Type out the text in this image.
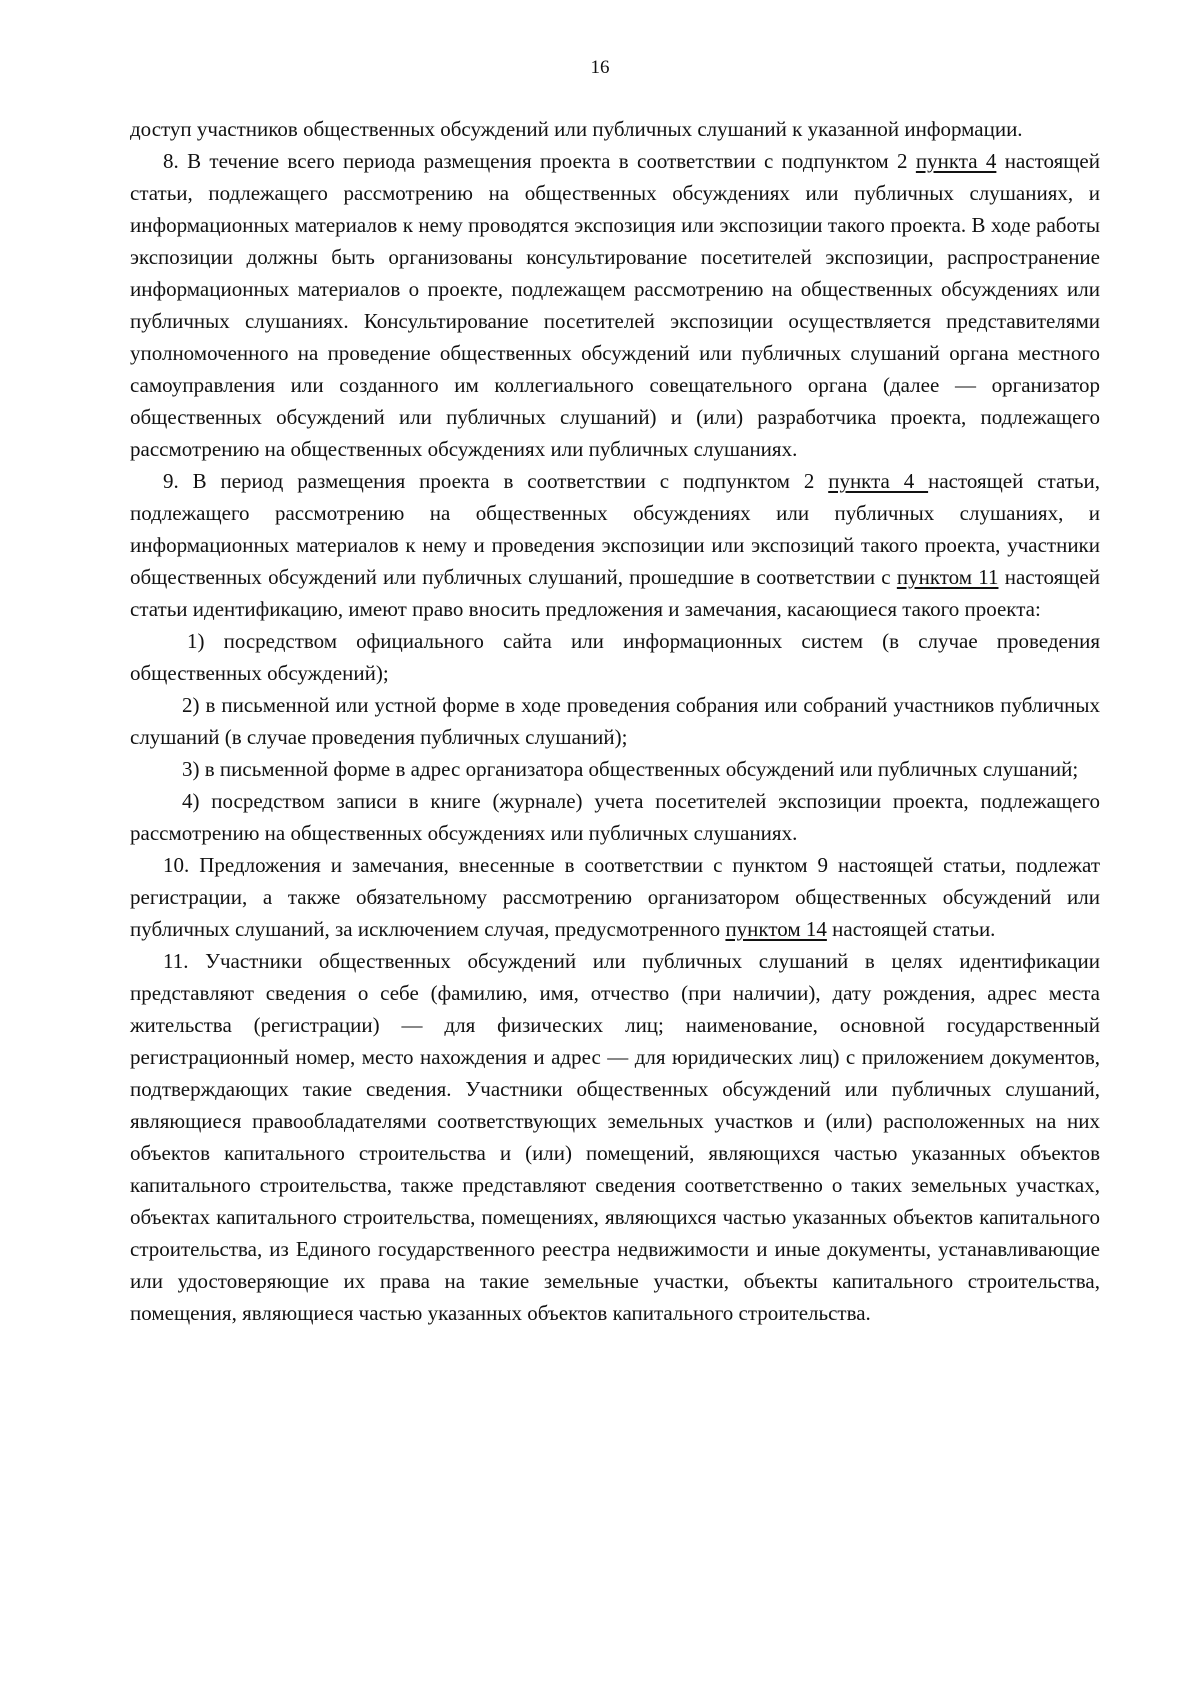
16

доступ участников общественных обсуждений или публичных слушаний к указанной информации.

8. В течение всего периода размещения проекта в соответствии с подпунктом 2 пункта 4 настоящей статьи, подлежащего рассмотрению на общественных обсуждениях или публичных слушаниях, и информационных материалов к нему проводятся экспозиция или экспозиции такого проекта. В ходе работы экспозиции должны быть организованы консультирование посетителей экспозиции, распространение информационных материалов о проекте, подлежащем рассмотрению на общественных обсуждениях или публичных слушаниях. Консультирование посетителей экспозиции осуществляется представителями уполномоченного на проведение общественных обсуждений или публичных слушаний органа местного самоуправления или созданного им коллегиального совещательного органа (далее — организатор общественных обсуждений или публичных слушаний) и (или) разработчика проекта, подлежащего рассмотрению на общественных обсуждениях или публичных слушаниях.

9. В период размещения проекта в соответствии с подпунктом 2 пункта 4 настоящей статьи, подлежащего рассмотрению на общественных обсуждениях или публичных слушаниях, и информационных материалов к нему и проведения экспозиции или экспозиций такого проекта, участники общественных обсуждений или публичных слушаний, прошедшие в соответствии с пунктом 11 настоящей статьи идентификацию, имеют право вносить предложения и замечания, касающиеся такого проекта:

1) посредством официального сайта или информационных систем (в случае проведения общественных обсуждений);

2) в письменной или устной форме в ходе проведения собрания или собраний участников публичных слушаний (в случае проведения публичных слушаний);

3) в письменной форме в адрес организатора общественных обсуждений или публичных слушаний;

4) посредством записи в книге (журнале) учета посетителей экспозиции проекта, подлежащего рассмотрению на общественных обсуждениях или публичных слушаниях.

10. Предложения и замечания, внесенные в соответствии с пунктом 9 настоящей статьи, подлежат регистрации, а также обязательному рассмотрению организатором общественных обсуждений или публичных слушаний, за исключением случая, предусмотренного пунктом 14 настоящей статьи.

11. Участники общественных обсуждений или публичных слушаний в целях идентификации представляют сведения о себе (фамилию, имя, отчество (при наличии), дату рождения, адрес места жительства (регистрации) — для физических лиц; наименование, основной государственный регистрационный номер, место нахождения и адрес — для юридических лиц) с приложением документов, подтверждающих такие сведения. Участники общественных обсуждений или публичных слушаний, являющиеся правообладателями соответствующих земельных участков и (или) расположенных на них объектов капитального строительства и (или) помещений, являющихся частью указанных объектов капитального строительства, также представляют сведения соответственно о таких земельных участках, объектах капитального строительства, помещениях, являющихся частью указанных объектов капитального строительства, из Единого государственного реестра недвижимости и иные документы, устанавливающие или удостоверяющие их права на такие земельные участки, объекты капитального строительства, помещения, являющиеся частью указанных объектов капитального строительства.
